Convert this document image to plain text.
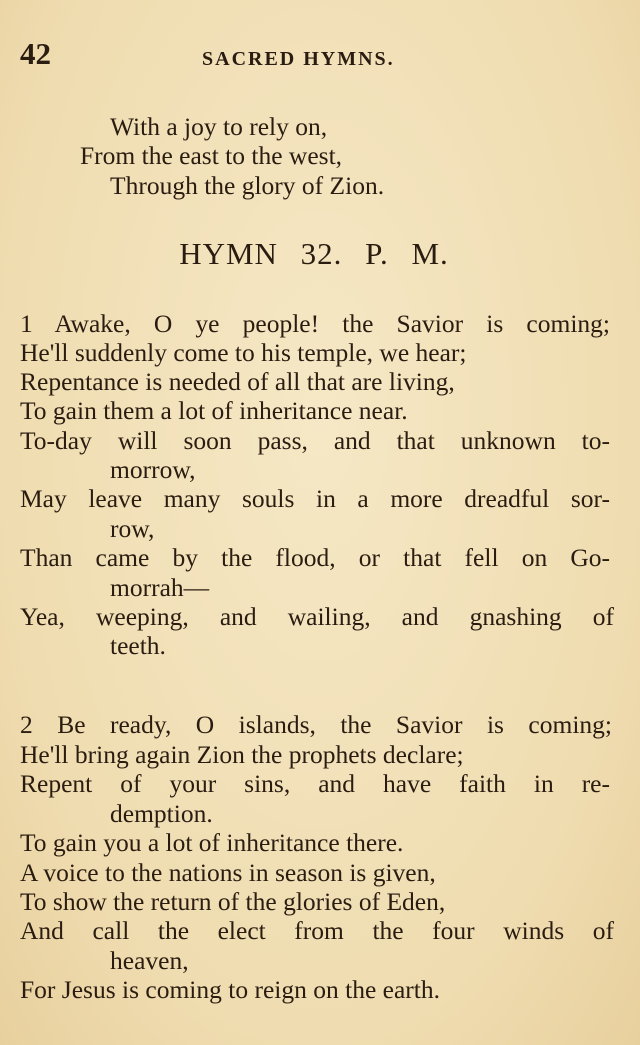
42	SACRED HYMNS.
With a joy to rely on,
From the east to the west,
Through the glory of Zion.
HYMN 32. P. M.
1 Awake, O ye people! the Savior is coming;
He'll suddenly come to his temple, we hear;
Repentance is needed of all that are living,
To gain them a lot of inheritance near.
To-day will soon pass, and that unknown to-
morrow,
May leave many souls in a more dreadful sor-
row,
Than came by the flood, or that fell on Go-
morrah—
Yea, weeping, and wailing, and gnashing of
teeth.
2 Be ready, O islands, the Savior is coming;
He'll bring again Zion the prophets declare;
Repent of your sins, and have faith in re-
demption.
To gain you a lot of inheritance there.
A voice to the nations in season is given,
To show the return of the glories of Eden,
And call the elect from the four winds of
heaven,
For Jesus is coming to reign on the earth.
